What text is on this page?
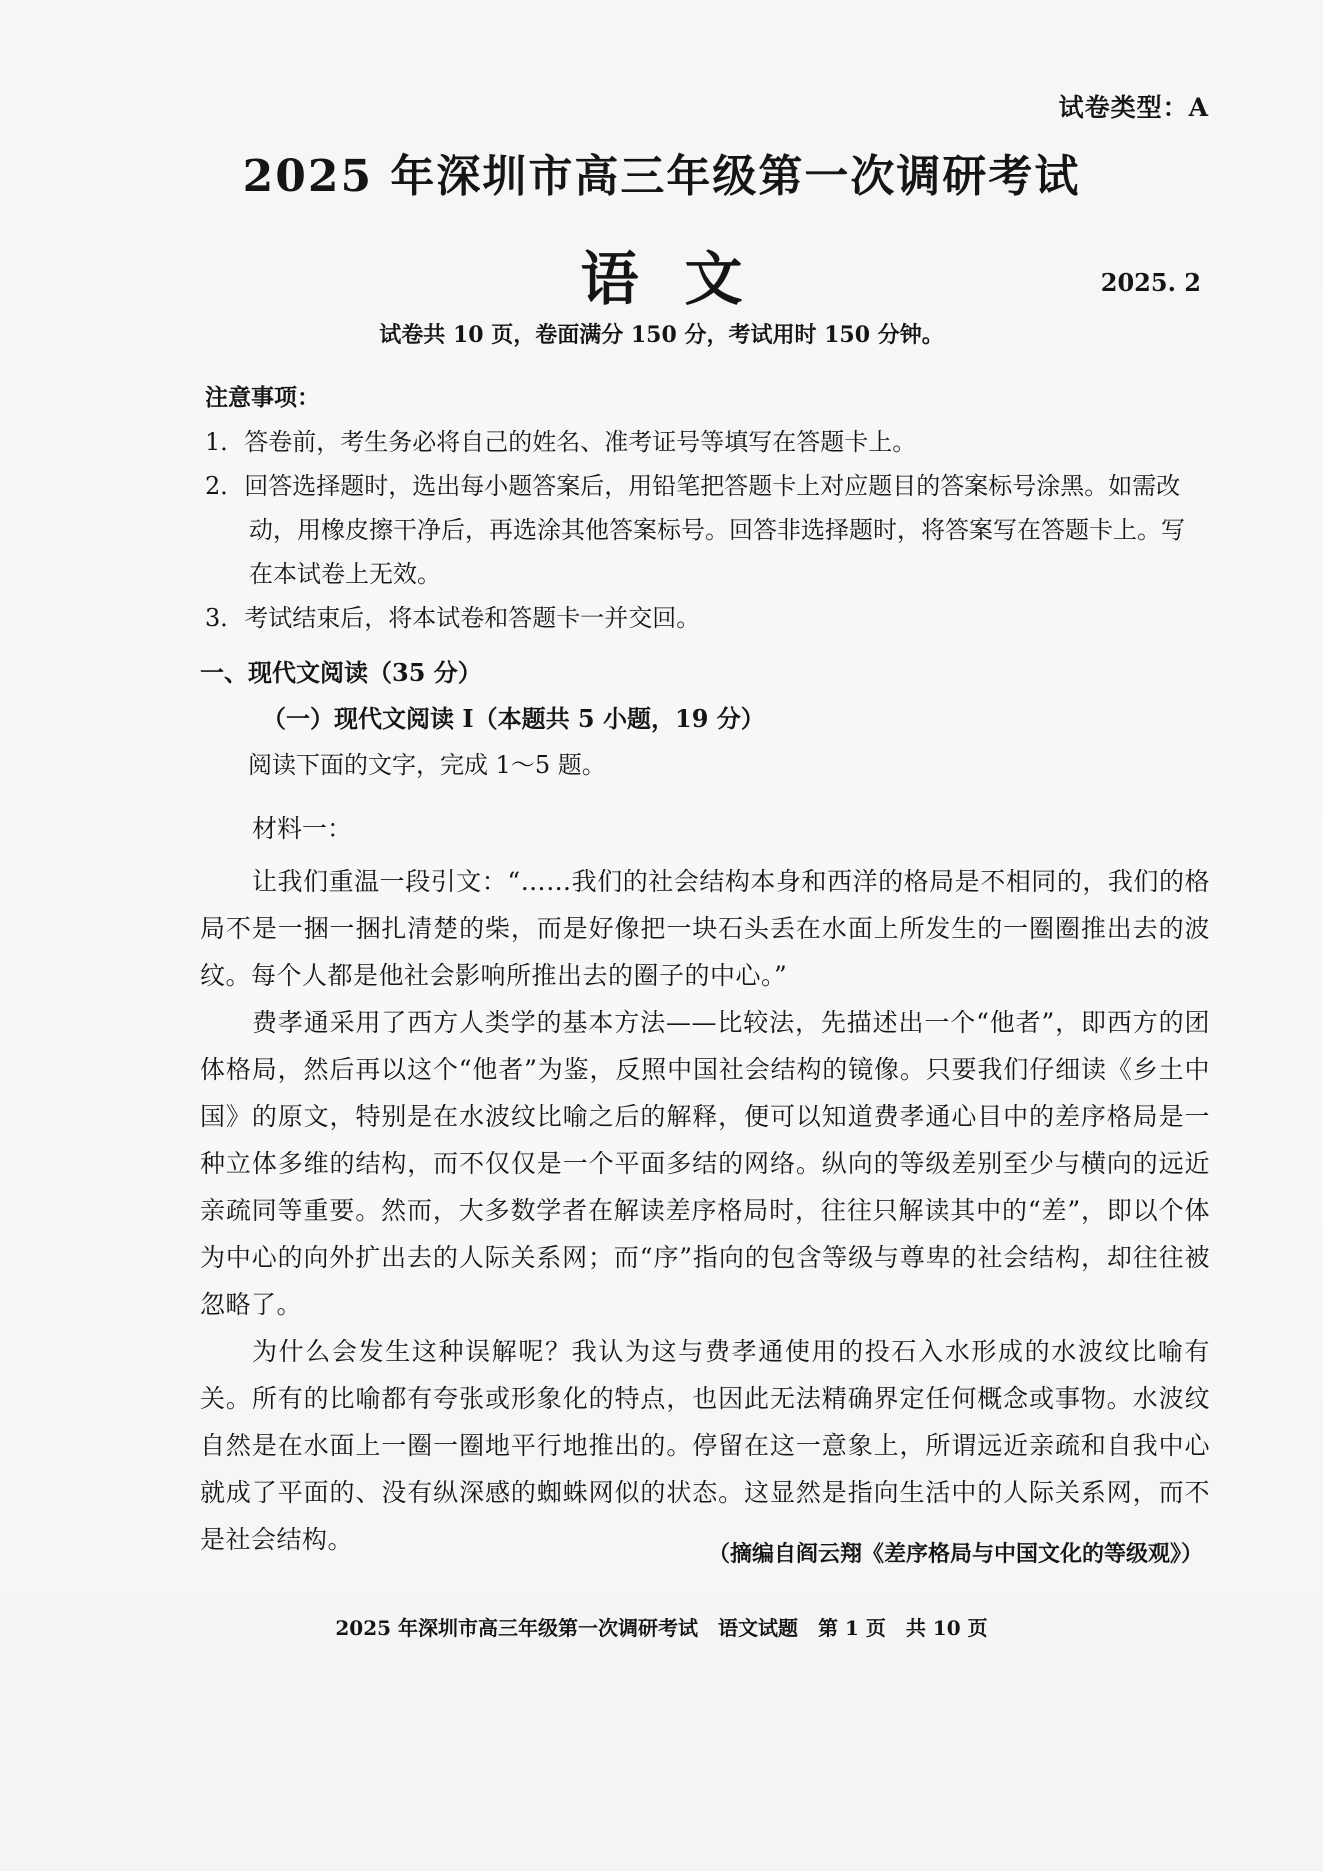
试卷类型：A
2025 年深圳市高三年级第一次调研考试
语文	2025. 2
试卷共 10 页，卷面满分 150 分，考试用时 150 分钟。
注意事项：
1．答卷前，考生务必将自己的姓名、准考证号等填写在答题卡上。
2．回答选择题时，选出每小题答案后，用铅笔把答题卡上对应题目的答案标号涂黑。如需改动，用橡皮擦干净后，再选涂其他答案标号。回答非选择题时，将答案写在答题卡上。写在本试卷上无效。
3．考试结束后，将本试卷和答题卡一并交回。
一、现代文阅读（35 分）
（一）现代文阅读 I（本题共 5 小题，19 分）
阅读下面的文字，完成 1～5 题。
材料一：

让我们重温一段引文：“……我们的社会结构本身和西洋的格局是不相同的，我们的格局不是一捆一捆扎清楚的柴，而是好像把一块石头丢在水面上所发生的一圈圈推出去的波纹。每个人都是他社会影响所推出去的圈子的中心。”

费孝通采用了西方人类学的基本方法——比较法，先描述出一个“他者”，即西方的团体格局，然后再以这个“他者”为鉴，反照中国社会结构的镜像。只要我们仔细读《乡土中国》的原文，特别是在水波纹比喻之后的解释，便可以知道费孝通心目中的差序格局是一种立体多维的结构，而不仅仅是一个平面多结的网络。纵向的等级差别至少与横向的远近亲疏同等重要。然而，大多数学者在解读差序格局时，往往只解读其中的“差”，即以个体为中心的向外扩出去的人际关系网；而“序”指向的包含等级与尊卑的社会结构，却往往被忽略了。

为什么会发生这种误解呢？我认为这与费孝通使用的投石入水形成的水波纹比喻有关。所有的比喻都有夸张或形象化的特点，也因此无法精确界定任何概念或事物。水波纹自然是在水面上一圈一圈地平行地推出的。停留在这一意象上，所谓远近亲疏和自我中心就成了平面的、没有纵深感的蜘蛛网似的状态。这显然是指向生活中的人际关系网，而不是社会结构。	（摘编自阎云翔《差序格局与中国文化的等级观》）
2025 年深圳市高三年级第一次调研考试　语文试题　第 1 页　共 10 页
